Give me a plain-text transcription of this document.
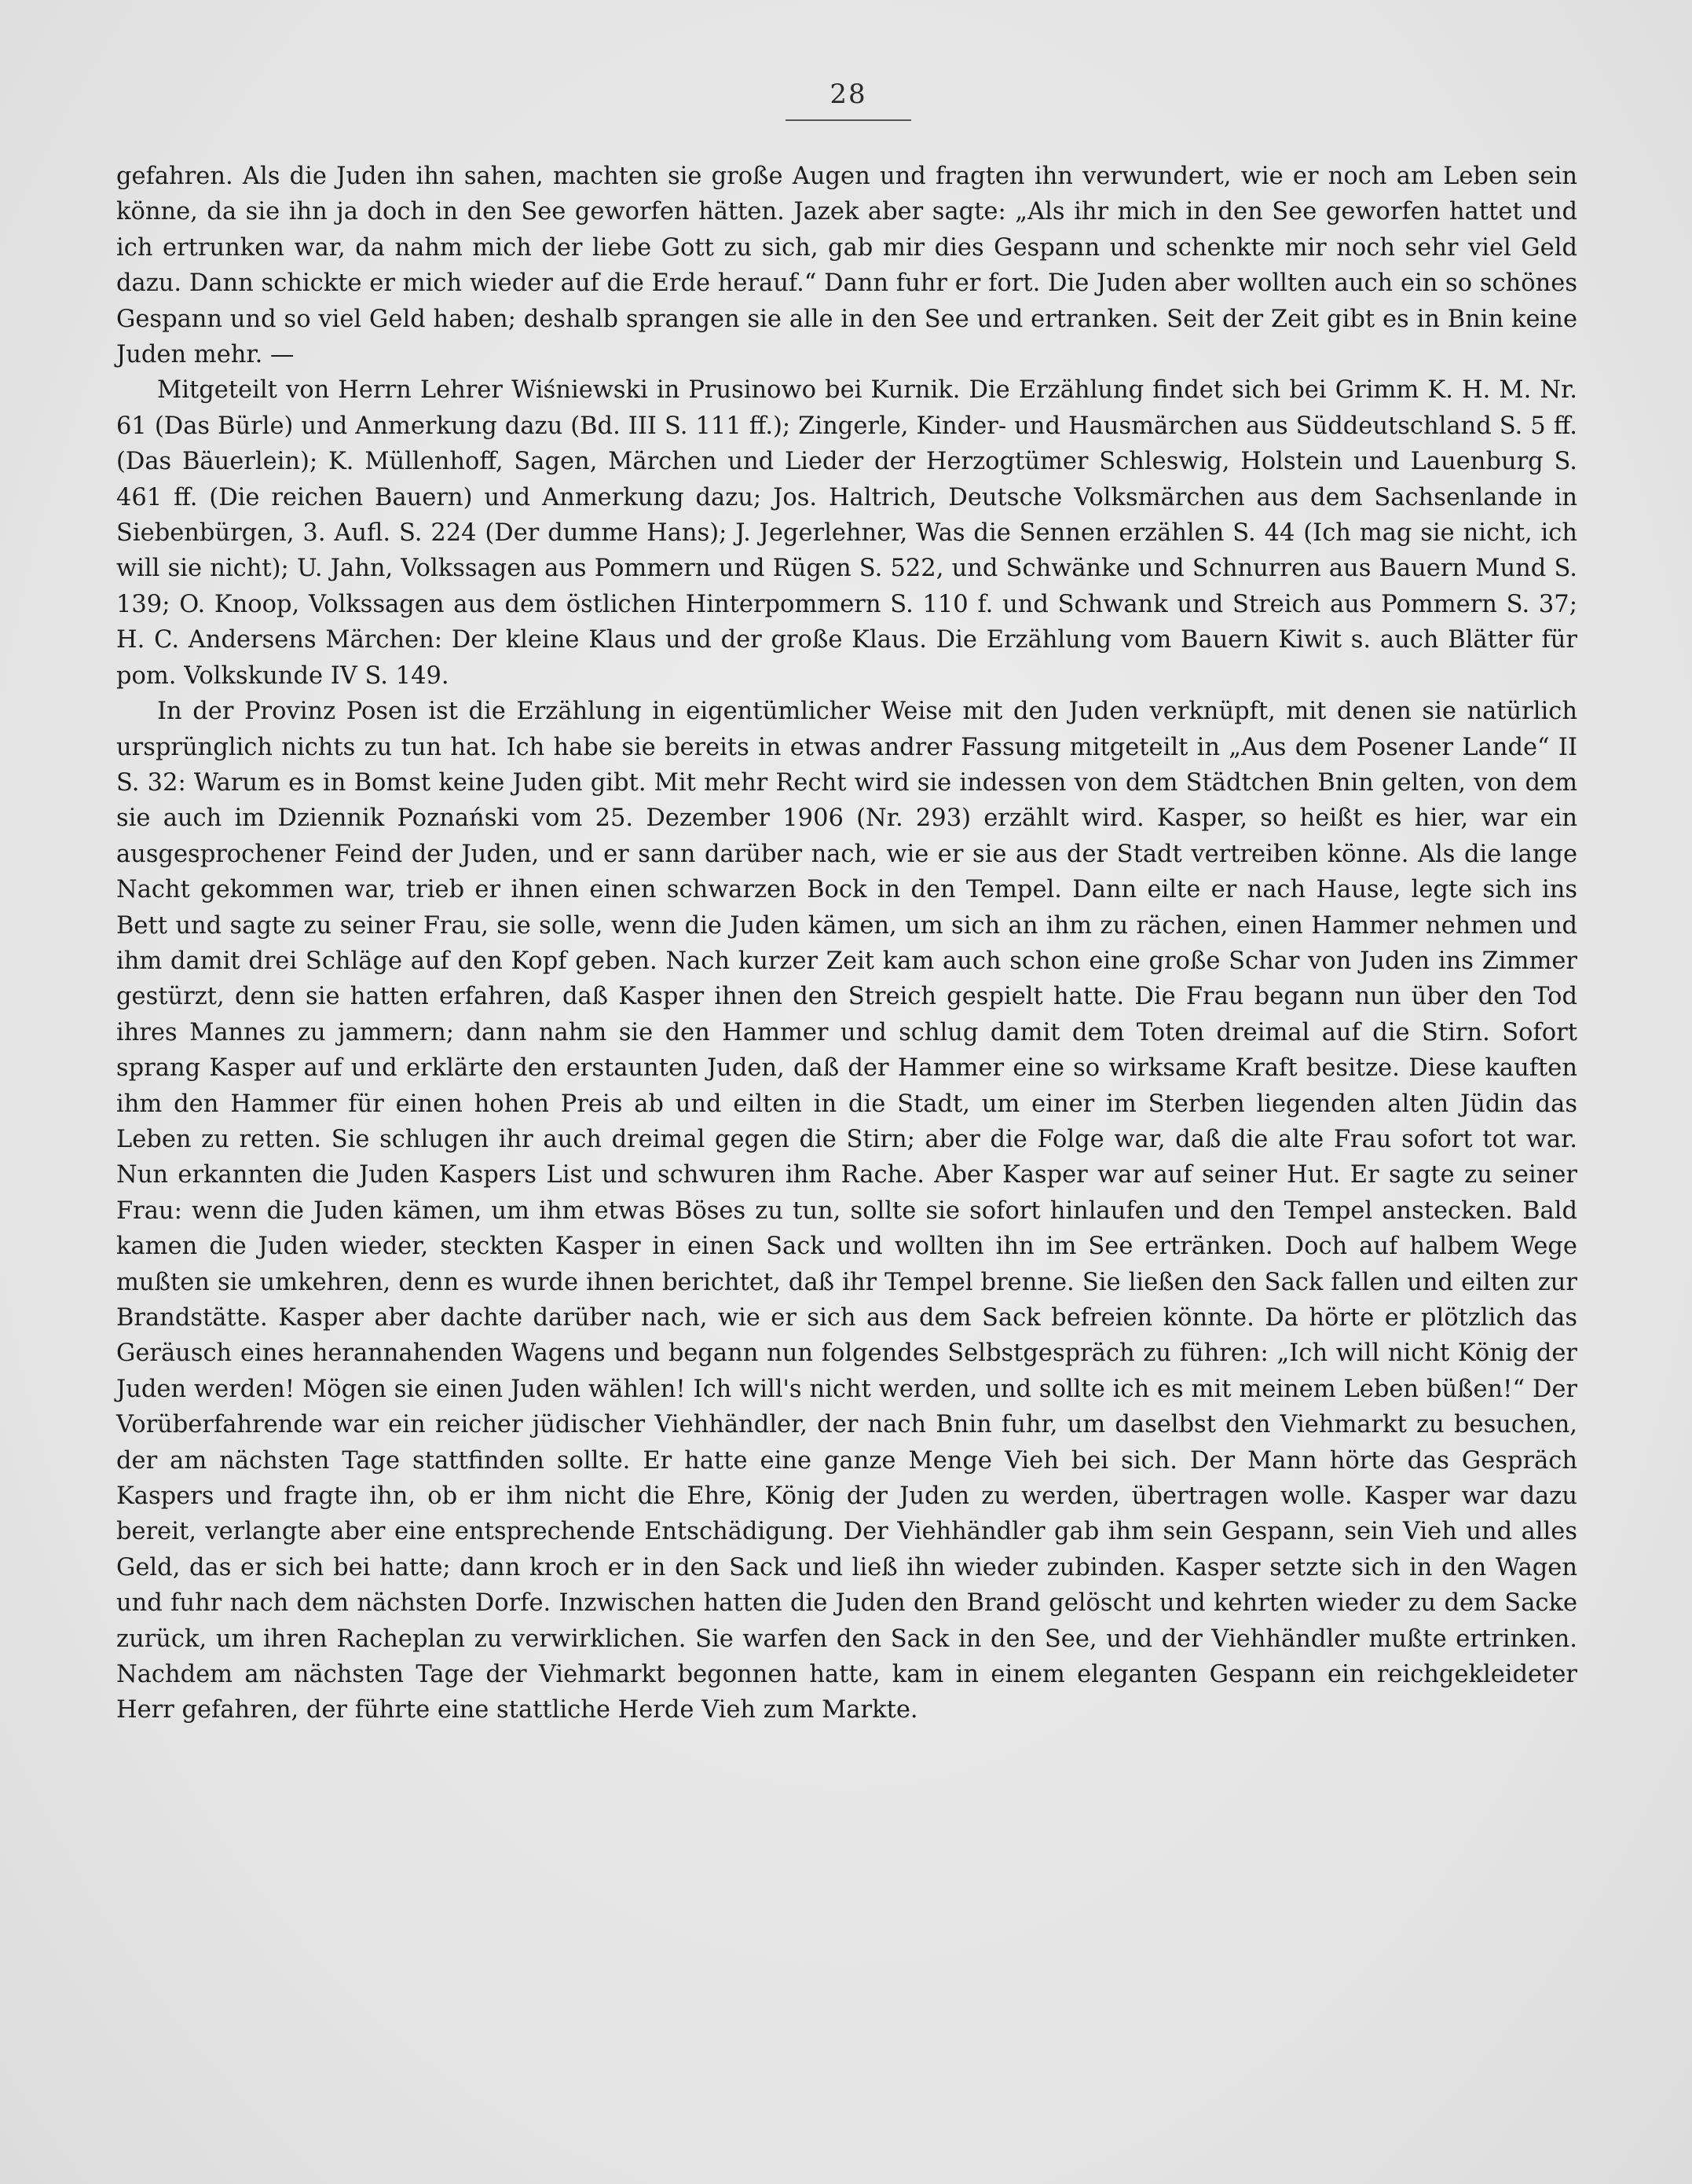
28

gefahren. Als die Juden ihn sahen, machten sie große Augen und fragten ihn verwundert, wie er noch am Leben sein könne, da sie ihn ja doch in den See geworfen hätten. Jazek aber sagte: „Als ihr mich in den See geworfen hattet und ich ertrunken war, da nahm mich der liebe Gott zu sich, gab mir dies Gespann und schenkte mir noch sehr viel Geld dazu. Dann schickte er mich wieder auf die Erde herauf.“ Dann fuhr er fort. Die Juden aber wollten auch ein so schönes Gespann und so viel Geld haben; deshalb sprangen sie alle in den See und ertranken. Seit der Zeit gibt es in Bnin keine Juden mehr. —

Mitgeteilt von Herrn Lehrer Wiśniewski in Prusinowo bei Kurnik. Die Erzählung findet sich bei Grimm K. H. M. Nr. 61 (Das Bürle) und Anmerkung dazu (Bd. III S. 111 ff.); Zingerle, Kinder- und Hausmärchen aus Süddeutschland S. 5 ff. (Das Bäuerlein); K. Müllenhoff, Sagen, Märchen und Lieder der Herzogtümer Schleswig, Holstein und Lauenburg S. 461 ff. (Die reichen Bauern) und Anmerkung dazu; Jos. Haltrich, Deutsche Volksmärchen aus dem Sachsenlande in Siebenbürgen, 3. Aufl. S. 224 (Der dumme Hans); J. Jegerlehner, Was die Sennen erzählen S. 44 (Ich mag sie nicht, ich will sie nicht); U. Jahn, Volkssagen aus Pommern und Rügen S. 522, und Schwänke und Schnurren aus Bauern Mund S. 139; O. Knoop, Volkssagen aus dem östlichen Hinterpommern S. 110 f. und Schwank und Streich aus Pommern S. 37; H. C. Andersens Märchen: Der kleine Klaus und der große Klaus. Die Erzählung vom Bauern Kiwit s. auch Blätter für pom. Volkskunde IV S. 149.

In der Provinz Posen ist die Erzählung in eigentümlicher Weise mit den Juden verknüpft, mit denen sie natürlich ursprünglich nichts zu tun hat. Ich habe sie bereits in etwas andrer Fassung mitgeteilt in „Aus dem Posener Lande“ II S. 32: Warum es in Bomst keine Juden gibt. Mit mehr Recht wird sie indessen von dem Städtchen Bnin gelten, von dem sie auch im Dziennik Poznański vom 25. Dezember 1906 (Nr. 293) erzählt wird. Kasper, so heißt es hier, war ein ausgesprochener Feind der Juden, und er sann darüber nach, wie er sie aus der Stadt vertreiben könne. Als die lange Nacht gekommen war, trieb er ihnen einen schwarzen Bock in den Tempel. Dann eilte er nach Hause, legte sich ins Bett und sagte zu seiner Frau, sie solle, wenn die Juden kämen, um sich an ihm zu rächen, einen Hammer nehmen und ihm damit drei Schläge auf den Kopf geben. Nach kurzer Zeit kam auch schon eine große Schar von Juden ins Zimmer gestürzt, denn sie hatten erfahren, daß Kasper ihnen den Streich gespielt hatte. Die Frau begann nun über den Tod ihres Mannes zu jammern; dann nahm sie den Hammer und schlug damit dem Toten dreimal auf die Stirn. Sofort sprang Kasper auf und erklärte den erstaunten Juden, daß der Hammer eine so wirksame Kraft besitze. Diese kauften ihm den Hammer für einen hohen Preis ab und eilten in die Stadt, um einer im Sterben liegenden alten Jüdin das Leben zu retten. Sie schlugen ihr auch dreimal gegen die Stirn; aber die Folge war, daß die alte Frau sofort tot war. Nun erkannten die Juden Kaspers List und schwuren ihm Rache. Aber Kasper war auf seiner Hut. Er sagte zu seiner Frau: wenn die Juden kämen, um ihm etwas Böses zu tun, sollte sie sofort hinlaufen und den Tempel anstecken. Bald kamen die Juden wieder, steckten Kasper in einen Sack und wollten ihn im See ertränken. Doch auf halbem Wege mußten sie umkehren, denn es wurde ihnen berichtet, daß ihr Tempel brenne. Sie ließen den Sack fallen und eilten zur Brandstätte. Kasper aber dachte darüber nach, wie er sich aus dem Sack befreien könnte. Da hörte er plötzlich das Geräusch eines herannahenden Wagens und begann nun folgendes Selbstgespräch zu führen: „Ich will nicht König der Juden werden! Mögen sie einen Juden wählen! Ich will's nicht werden, und sollte ich es mit meinem Leben büßen!“ Der Vorüberfahrende war ein reicher jüdischer Viehhändler, der nach Bnin fuhr, um daselbst den Viehmarkt zu besuchen, der am nächsten Tage stattfinden sollte. Er hatte eine ganze Menge Vieh bei sich. Der Mann hörte das Gespräch Kaspers und fragte ihn, ob er ihm nicht die Ehre, König der Juden zu werden, übertragen wolle. Kasper war dazu bereit, verlangte aber eine entsprechende Entschädigung. Der Viehhändler gab ihm sein Gespann, sein Vieh und alles Geld, das er sich bei hatte; dann kroch er in den Sack und ließ ihn wieder zubinden. Kasper setzte sich in den Wagen und fuhr nach dem nächsten Dorfe. Inzwischen hatten die Juden den Brand gelöscht und kehrten wieder zu dem Sacke zurück, um ihren Racheplan zu verwirklichen. Sie warfen den Sack in den See, und der Viehhändler mußte ertrinken. Nachdem am nächsten Tage der Viehmarkt begonnen hatte, kam in einem eleganten Gespann ein reichgekleideter Herr gefahren, der führte eine stattliche Herde Vieh zum Markte.
